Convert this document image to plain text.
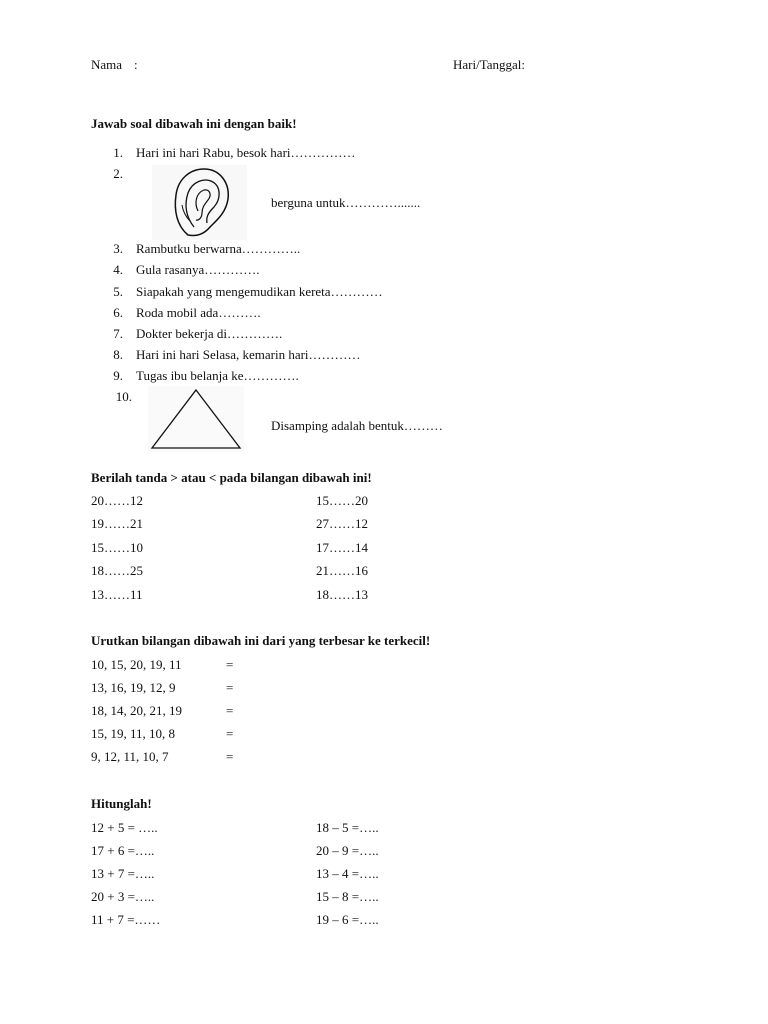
Nama :	Hari/Tanggal:
Jawab soal dibawah ini dengan baik!
1. Hari ini hari Rabu, besok hari……………
2.
berguna untuk………….......
3. Rambutku berwarna…………..
4. Gula rasanya………….
5. Siapakah yang mengemudikan kereta…………
6. Roda mobil ada……….
7. Dokter bekerja di………….
8. Hari ini hari Selasa, kemarin hari…………
9. Tugas ibu belanja ke………….
10.
Disamping adalah bentuk………
Berilah tanda > atau < pada bilangan dibawah ini!
20……12	15……20
19……21	27……12
15……10	17……14
18……25	21……16
13……11	18……13
Urutkan bilangan dibawah ini dari yang terbesar ke terkecil!
10, 15, 20, 19, 11	=
13, 16, 19, 12, 9	=
18, 14, 20, 21, 19	=
15, 19, 11, 10, 8	=
9, 12, 11, 10, 7	=
Hitunglah!
12 + 5 = …..	18 – 5 =…..
17 + 6 =…..	20 – 9 =…..
13 + 7 =…..	13 – 4 =…..
20 + 3 =…..	15 – 8 =…..
11 + 7 =……	19 – 6 =…..
